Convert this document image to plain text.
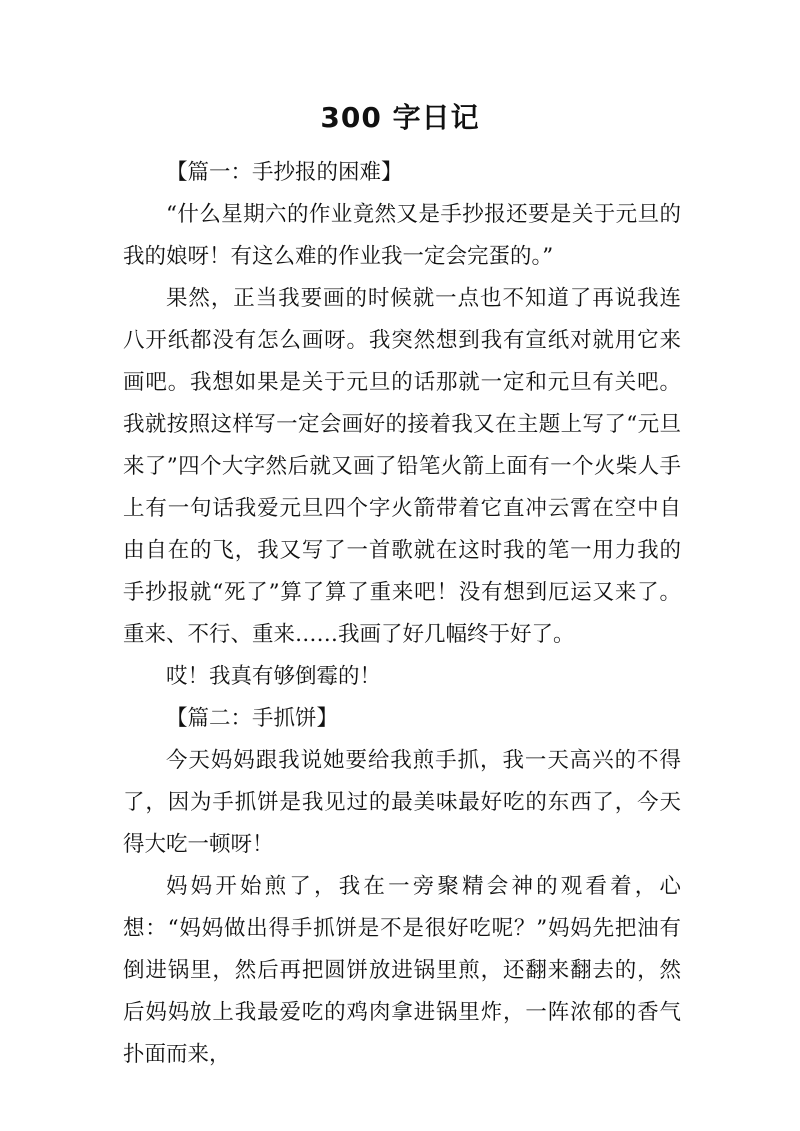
300 字日记

【篇一：手抄报的困难】

“什么星期六的作业竟然又是手抄报还要是关于元旦的我的娘呀！有这么难的作业我一定会完蛋的。”

果然，正当我要画的时候就一点也不知道了再说我连八开纸都没有怎么画呀。我突然想到我有宣纸对就用它来画吧。我想如果是关于元旦的话那就一定和元旦有关吧。我就按照这样写一定会画好的接着我又在主题上写了“元旦来了”四个大字然后就又画了铅笔火箭上面有一个火柴人手上有一句话我爱元旦四个字火箭带着它直冲云霄在空中自由自在的飞，我又写了一首歌就在这时我的笔一用力我的手抄报就“死了”算了算了重来吧！没有想到厄运又来了。重来、不行、重来……我画了好几幅终于好了。

哎！我真有够倒霉的！

【篇二：手抓饼】

今天妈妈跟我说她要给我煎手抓，我一天高兴的不得了，因为手抓饼是我见过的最美味最好吃的东西了，今天得大吃一顿呀！

妈妈开始煎了，我在一旁聚精会神的观看着，心想：“妈妈做出得手抓饼是不是很好吃呢？”妈妈先把油有倒进锅里，然后再把圆饼放进锅里煎，还翻来翻去的，然后妈妈放上我最爱吃的鸡肉拿进锅里炸，一阵浓郁的香气扑面而来，
